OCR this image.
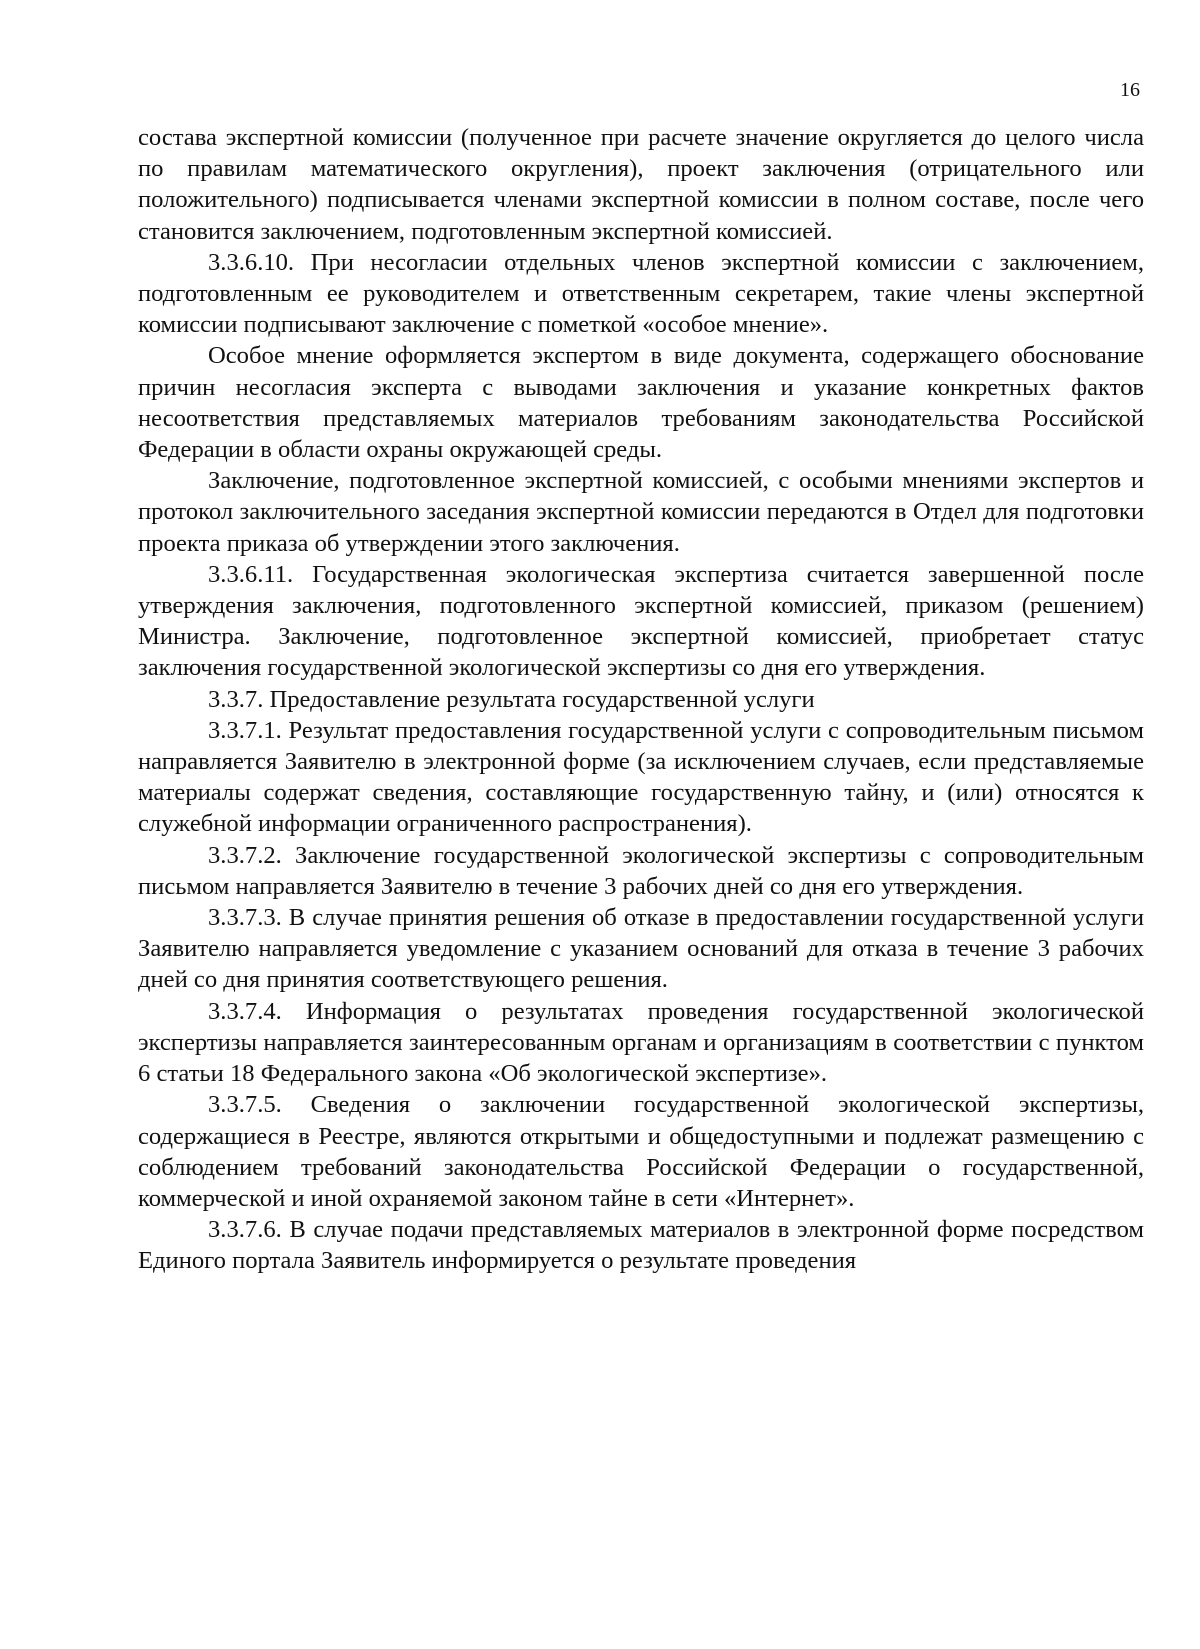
16

состава экспертной комиссии (полученное при расчете значение округляется до целого числа по правилам математического округления), проект заключения (отрицательного или положительного) подписывается членами экспертной комиссии в полном составе, после чего становится заключением, подготовленным экспертной комиссией.

3.3.6.10. При несогласии отдельных членов экспертной комиссии с заключением, подготовленным ее руководителем и ответственным секретарем, такие члены экспертной комиссии подписывают заключение с пометкой «особое мнение».

Особое мнение оформляется экспертом в виде документа, содержащего обоснование причин несогласия эксперта с выводами заключения и указание конкретных фактов несоответствия представляемых материалов требованиям законодательства Российской Федерации в области охраны окружающей среды.

Заключение, подготовленное экспертной комиссией, с особыми мнениями экспертов и протокол заключительного заседания экспертной комиссии передаются в Отдел для подготовки проекта приказа об утверждении этого заключения.

3.3.6.11. Государственная экологическая экспертиза считается завершенной после утверждения заключения, подготовленного экспертной комиссией, приказом (решением) Министра. Заключение, подготовленное экспертной комиссией, приобретает статус заключения государственной экологической экспертизы со дня его утверждения.

3.3.7. Предоставление результата государственной услуги

3.3.7.1. Результат предоставления государственной услуги с сопроводительным письмом направляется Заявителю в электронной форме (за исключением случаев, если представляемые материалы содержат сведения, составляющие государственную тайну, и (или) относятся к служебной информации ограниченного распространения).

3.3.7.2. Заключение государственной экологической экспертизы с сопроводительным письмом направляется Заявителю в течение 3 рабочих дней со дня его утверждения.

3.3.7.3. В случае принятия решения об отказе в предоставлении государственной услуги Заявителю направляется уведомление с указанием оснований для отказа в течение 3 рабочих дней со дня принятия соответствующего решения.

3.3.7.4. Информация о результатах проведения государственной экологической экспертизы направляется заинтересованным органам и организациям в соответствии с пунктом 6 статьи 18 Федерального закона «Об экологической экспертизе».

3.3.7.5. Сведения о заключении государственной экологической экспертизы, содержащиеся в Реестре, являются открытыми и общедоступными и подлежат размещению с соблюдением требований законодательства Российской Федерации о государственной, коммерческой и иной охраняемой законом тайне в сети «Интернет».

3.3.7.6. В случае подачи представляемых материалов в электронной форме посредством Единого портала Заявитель информируется о результате проведения
